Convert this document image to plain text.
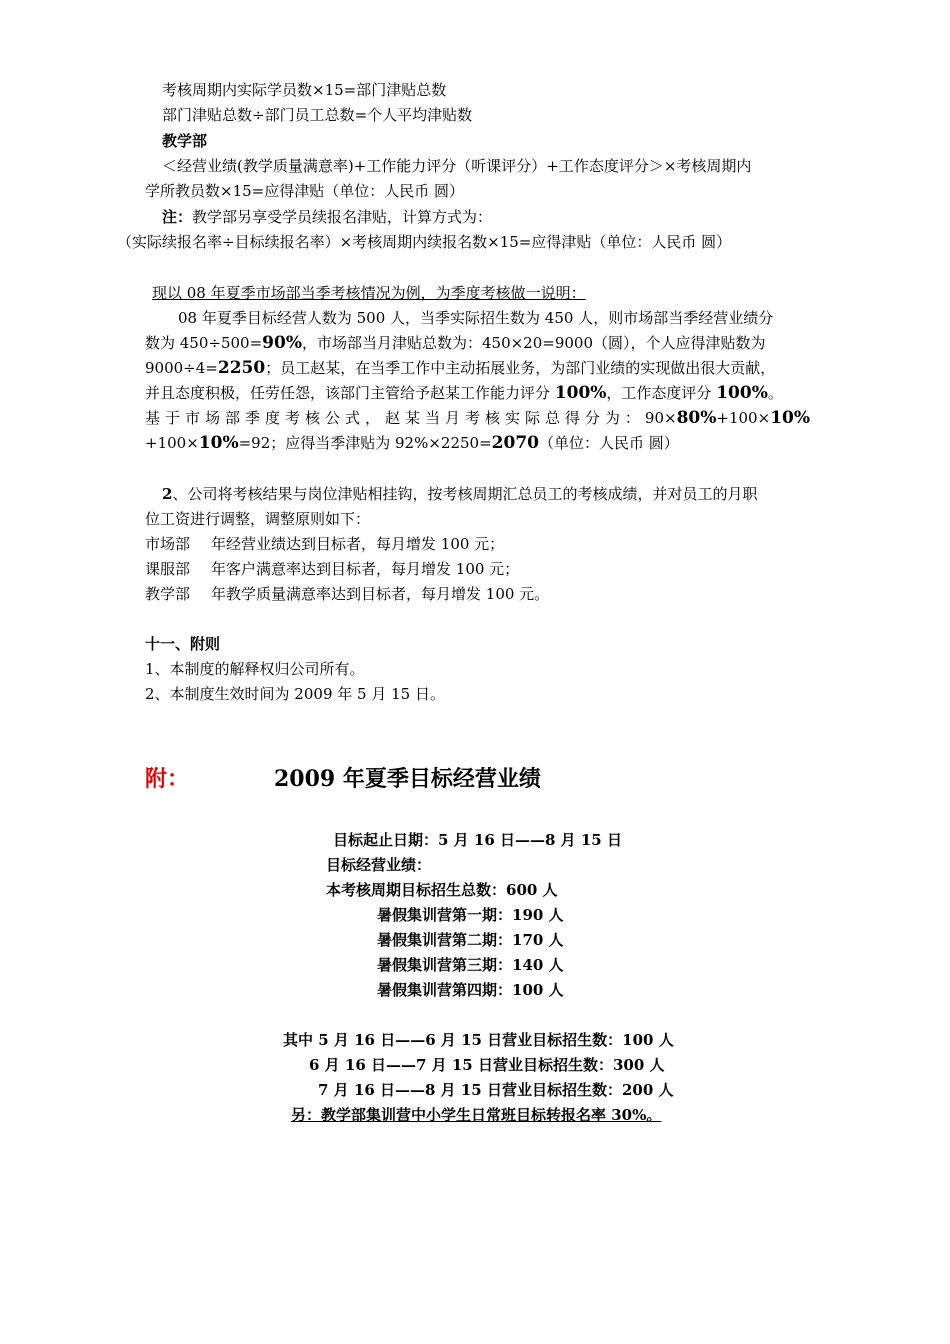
考核周期内实际学员数×15=部门津贴总数
部门津贴总数÷部门员工总数=个人平均津贴数
教学部
＜经营业绩(教学质量满意率)+工作能力评分（听课评分）+工作态度评分＞×考核周期内
学所教员数×15=应得津贴（单位：人民币 圆）
注：教学部另享受学员续报名津贴，计算方式为：
（实际续报名率÷目标续报名率）×考核周期内续报名数×15=应得津贴（单位：人民币 圆）
现以 08 年夏季市场部当季考核情况为例，为季度考核做一说明：
08 年夏季目标经营人数为 500 人，当季实际招生数为 450 人，则市场部当季经营业绩分
数为 450÷500=90%，市场部当月津贴总数为：450×20=9000（圆），个人应得津贴数为
9000÷4=2250；员工赵某，在当季工作中主动拓展业务，为部门业绩的实现做出很大贡献，
并且态度积极，任劳任怨，该部门主管给予赵某工作能力评分 100%，工作态度评分 100%。
基于市场部季度考核公式，赵某当月考核实际总得分为：90×80%+100×10%
+100×10%=92；应得当季津贴为 92%×2250=2070（单位：人民币 圆）
2、公司将考核结果与岗位津贴相挂钩，按考核周期汇总员工的考核成绩，并对员工的月职
位工资进行调整，调整原则如下：
市场部 年经营业绩达到目标者，每月增发 100 元；
课服部 年客户满意率达到目标者，每月增发 100 元；
教学部 年教学质量满意率达到目标者，每月增发 100 元。
十一、附则
1、本制度的解释权归公司所有。
2、本制度生效时间为 2009 年 5 月 15 日。
附：	2009 年夏季目标经营业绩
目标起止日期：5 月 16 日——8 月 15 日
目标经营业绩：
本考核周期目标招生总数：600 人
暑假集训营第一期：190 人
暑假集训营第二期：170 人
暑假集训营第三期：140 人
暑假集训营第四期：100 人
其中 5 月 16 日——6 月 15 日营业目标招生数：100 人
6 月 16 日——7 月 15 日营业目标招生数：300 人
7 月 16 日——8 月 15 日营业目标招生数：200 人
另：教学部集训营中小学生日常班目标转报名率 30%。
